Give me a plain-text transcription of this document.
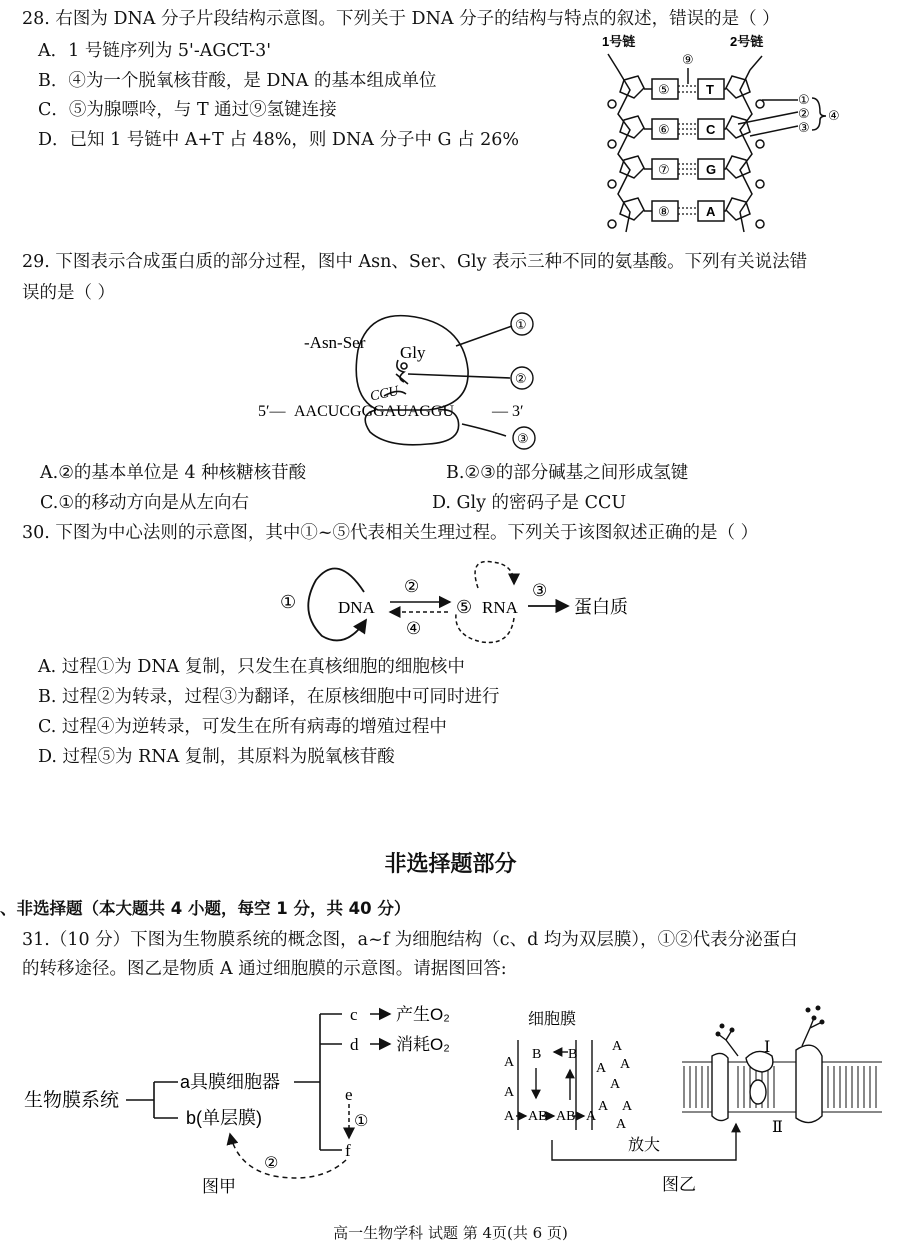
28. 右图为 DNA 分子片段结构示意图。下列关于 DNA 分子的结构与特点的叙述，错误的是（ ）
A．1 号链序列为 5'-AGCT-3'
B．④为一个脱氧核苷酸，是 DNA 的基本组成单位
C．⑤为腺嘌呤，与 T 通过⑨氢键连接
D．已知 1 号链中 A+T 占 48%，则 DNA 分子中 G 占 26%
1号链	2号链
⑨
⑤
⑥
⑦
⑧
T
C
G
A
①
②
③
④
29. 下图表示合成蛋白质的部分过程，图中 Asn、Ser、Gly 表示三种不同的氨基酸。下列有关说法错
误的是（ ）
-Asn-Ser
Gly
CCU
5′— AACUCGGGAUAGGU — 3′
①
②
③
A.②的基本单位是 4 种核糖核苷酸	B.②③的部分碱基之间形成氢键
C.①的移动方向是从左向右	D. Gly 的密码子是 CCU
30. 下图为中心法则的示意图，其中①~⑤代表相关生理过程。下列关于该图叙述正确的是（ ）
① DNA
②
④
⑤ RNA
③
蛋白质
A. 过程①为 DNA 复制，只发生在真核细胞的细胞核中
B. 过程②为转录，过程③为翻译，在原核细胞中可同时进行
C. 过程④为逆转录，可发生在所有病毒的增殖过程中
D. 过程⑤为 RNA 复制，其原料为脱氧核苷酸
非选择题部分
、非选择题（本大题共 4 小题，每空 1 分，共 40 分）
31.（10 分）下图为生物膜系统的概念图，a~f 为细胞结构（c、d 均为双层膜），①②代表分泌蛋白
的转移途径。图乙是物质 A 通过细胞膜的示意图。请据图回答:
生物膜系统
a具膜细胞器
b(单层膜)
c 产生O₂
d 消耗O₂
e
①
f
②
图甲
细胞膜
A
A
A
B B
AB AB A
A
A A
A
A A
A
放大
Ⅰ
Ⅱ
图乙
高一生物学科 试题 第 4页(共 6 页)
